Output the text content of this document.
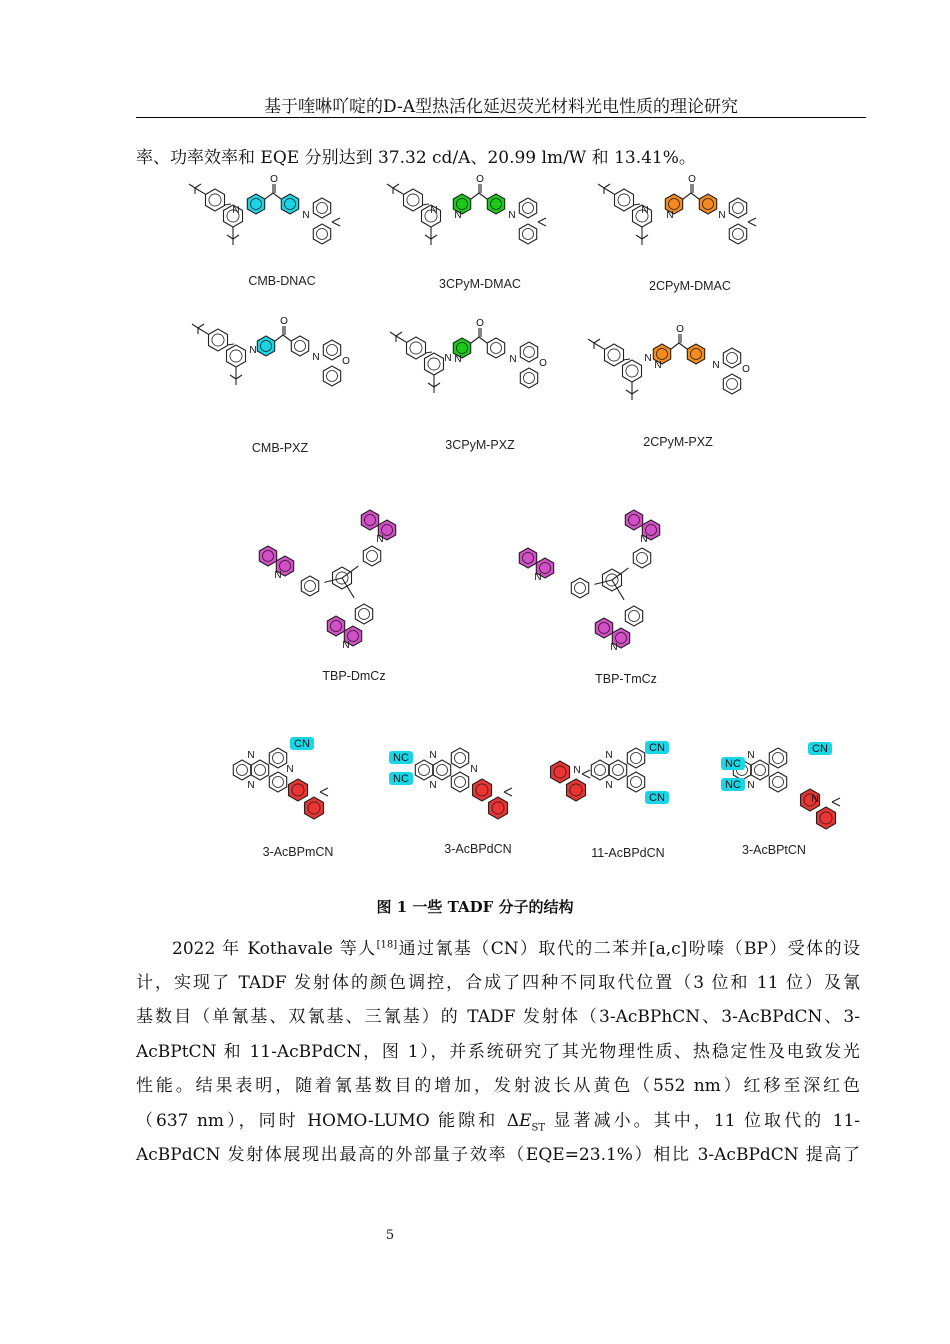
基于喹啉吖啶的D-A型热活化延迟荧光材料光电性质的理论研究
率、功率效率和 EQE 分别达到 37.32 cd/A、20.99 lm/W 和 13.41%。
N
O
N	N
O
N	N	N
O
N	N
N
O
N O	N
O
N	N O	N
O
N	N O
N
N
N
N
N
N
N
N
N
CN
N
N
N
NC
NC
N
N
N
CN
CN
N
N
N
NC
NC
CN
CMB-DNAC	3CPyM-DMAC	2CPyM-DMAC
CMB-PXZ	3CPyM-PXZ	2CPyM-PXZ
TBP-DmCz	TBP-TmCz
3-AcBPmCN	3-AcBPdCN	11-AcBPdCN	3-AcBPtCN
图 1 一些 TADF 分子的结构
2022 年 Kothavale 等人[18]通过氰基（CN）取代的二苯并[a,c]吩嗪（BP）受体的设
计，实现了 TADF 发射体的颜色调控，合成了四种不同取代位置（3 位和 11 位）及氰
基数目（单氰基、双氰基、三氰基）的 TADF 发射体（3-AcBPhCN、3-AcBPdCN、3-
AcBPtCN 和 11-AcBPdCN，图 1），并系统研究了其光物理性质、热稳定性及电致发光
性能。结果表明，随着氰基数目的增加，发射波长从黄色（552 nm）红移至深红色
（637 nm），同时 HOMO-LUMO 能隙和 $\Delta E_{ST}$ 显著减小。其中，11 位取代的 11-
AcBPdCN 发射体展现出最高的外部量子效率（EQE=23.1%）相比 3-AcBPdCN 提高了
5
